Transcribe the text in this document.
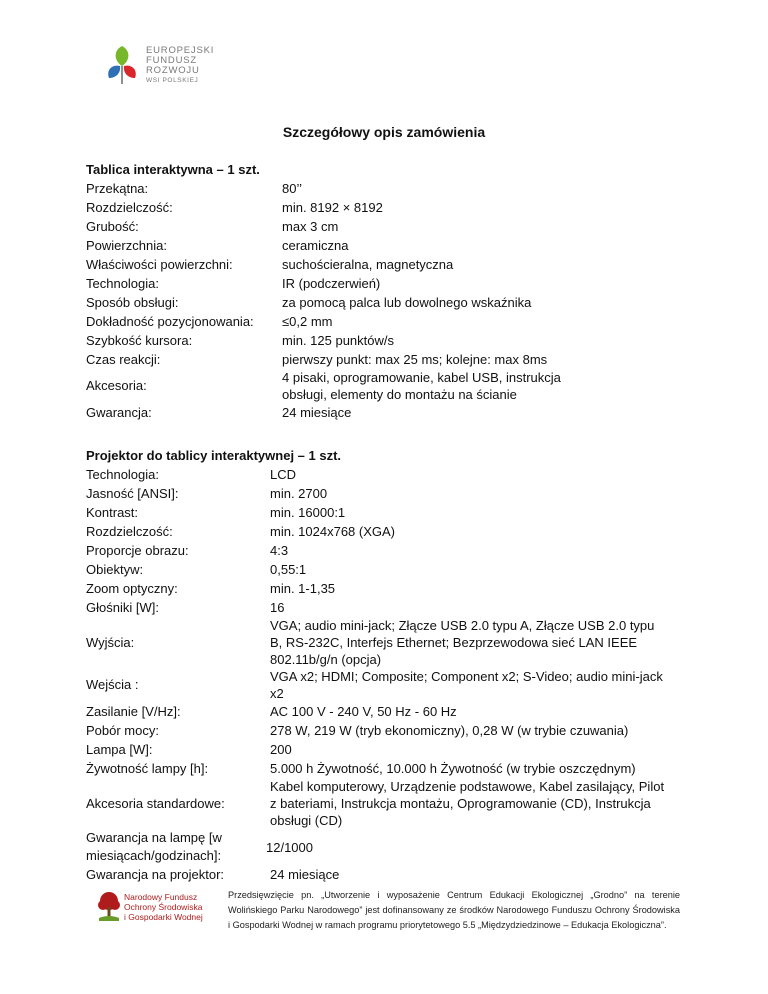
EUROPEJSKI
FUNDUSZ
ROZWOJU
WSI POLSKIEJ
Szczegółowy opis zamówienia
Tablica interaktywna – 1 szt.
Przekątna:	80’’
Rozdzielczość:	min. 8192 × 8192
Grubość:	max 3 cm
Powierzchnia:	ceramiczna
Właściwości powierzchni:	suchościeralna, magnetyczna
Technologia:	IR (podczerwień)
Sposób obsługi:	za pomocą palca lub dowolnego wskaźnika
Dokładność pozycjonowania:	≤0,2 mm
Szybkość kursora:	min. 125 punktów/s
Czas reakcji:	pierwszy punkt: max 25 ms; kolejne: max 8ms
Akcesoria:
4 pisaki, oprogramowanie, kabel USB, instrukcja obsługi, elementy do montażu na ścianie
Gwarancja:	24 miesiące
Projektor do tablicy interaktywnej – 1 szt.
Technologia:	LCD
Jasność [ANSI]:	min. 2700
Kontrast:	min. 16000:1
Rozdzielczość:	min. 1024x768 (XGA)
Proporcje obrazu:	4:3
Obiektyw:	0,55:1
Zoom optyczny:	min. 1-1,35
Głośniki [W]:	16
Wyjścia:
VGA; audio mini-jack; Złącze USB 2.0 typu A, Złącze USB 2.0 typu B, RS-232C, Interfejs Ethernet; Bezprzewodowa sieć LAN IEEE 802.11b/g/n (opcja)
Wejścia :
VGA x2; HDMI; Composite; Component x2; S-Video; audio mini-jack x2
Zasilanie [V/Hz]:	AC 100 V - 240 V, 50 Hz - 60 Hz
Pobór mocy:	278 W, 219 W (tryb ekonomiczny), 0,28 W (w trybie czuwania)
Lampa [W]:	200
Żywotność lampy [h]:	5.000 h Żywotność, 10.000 h Żywotność (w trybie oszczędnym)
Akcesoria standardowe:
Kabel komputerowy, Urządzenie podstawowe, Kabel zasilający, Pilot z bateriami, Instrukcja montażu, Oprogramowanie (CD), Instrukcja obsługi (CD)
Gwarancja na lampę [w miesiącach/godzinach]:
12/1000
Gwarancja na projektor:	24 miesiące
Narodowy Fundusz
Ochrony Środowiska
i Gospodarki Wodnej
Przedsięwzięcie pn. „Utworzenie i wyposażenie Centrum Edukacji Ekologicznej „Grodno” na terenie Wolińskiego Parku Narodowego” jest dofinansowany ze środków Narodowego Funduszu Ochrony Środowiska i Gospodarki Wodnej w ramach programu priorytetowego 5.5 „Międzydziedzinowe – Edukacja Ekologiczna”.
